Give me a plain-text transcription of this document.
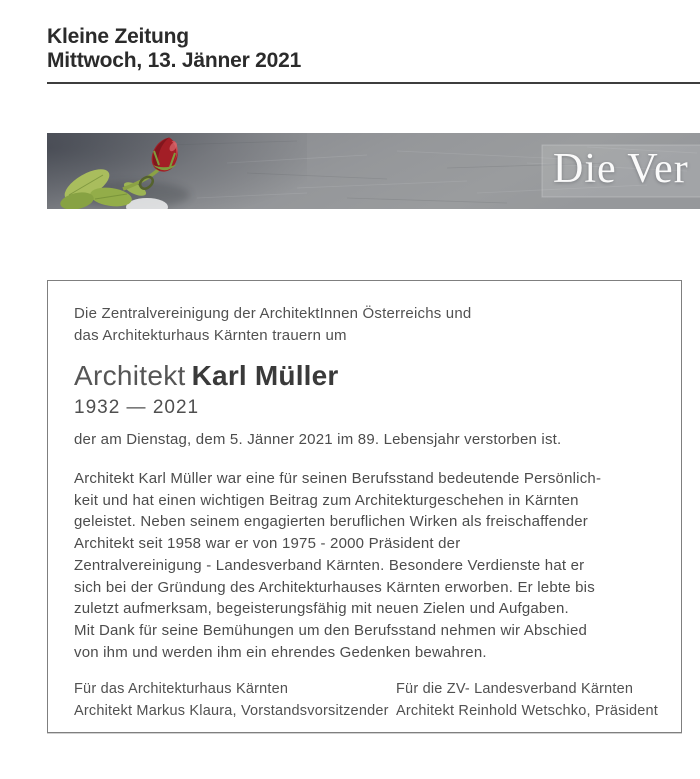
Kleine Zeitung
Mittwoch, 13. Jänner 2021
Die Ver
Die Zentralvereinigung der ArchitektInnen Österreichs und
das Architekturhaus Kärnten trauern um
Architekt Karl Müller
1932 — 2021
der am Dienstag, dem 5. Jänner 2021 im 89. Lebensjahr verstorben ist.
Architekt Karl Müller war eine für seinen Berufsstand bedeutende Persönlich-
keit und hat einen wichtigen Beitrag zum Architekturgeschehen in Kärnten
geleistet. Neben seinem engagierten beruflichen Wirken als freischaffender
Architekt seit 1958 war er von 1975 - 2000 Präsident der
Zentralvereinigung - Landesverband Kärnten. Besondere Verdienste hat er
sich bei der Gründung des Architekturhauses Kärnten erworben. Er lebte bis
zuletzt aufmerksam, begeisterungsfähig mit neuen Zielen und Aufgaben.
Mit Dank für seine Bemühungen um den Berufsstand nehmen wir Abschied
von ihm und werden ihm ein ehrendes Gedenken bewahren.
Für das Architekturhaus Kärnten
Architekt Markus Klaura, Vorstandsvorsitzender
Für die ZV- Landesverband Kärnten
Architekt Reinhold Wetschko, Präsident
